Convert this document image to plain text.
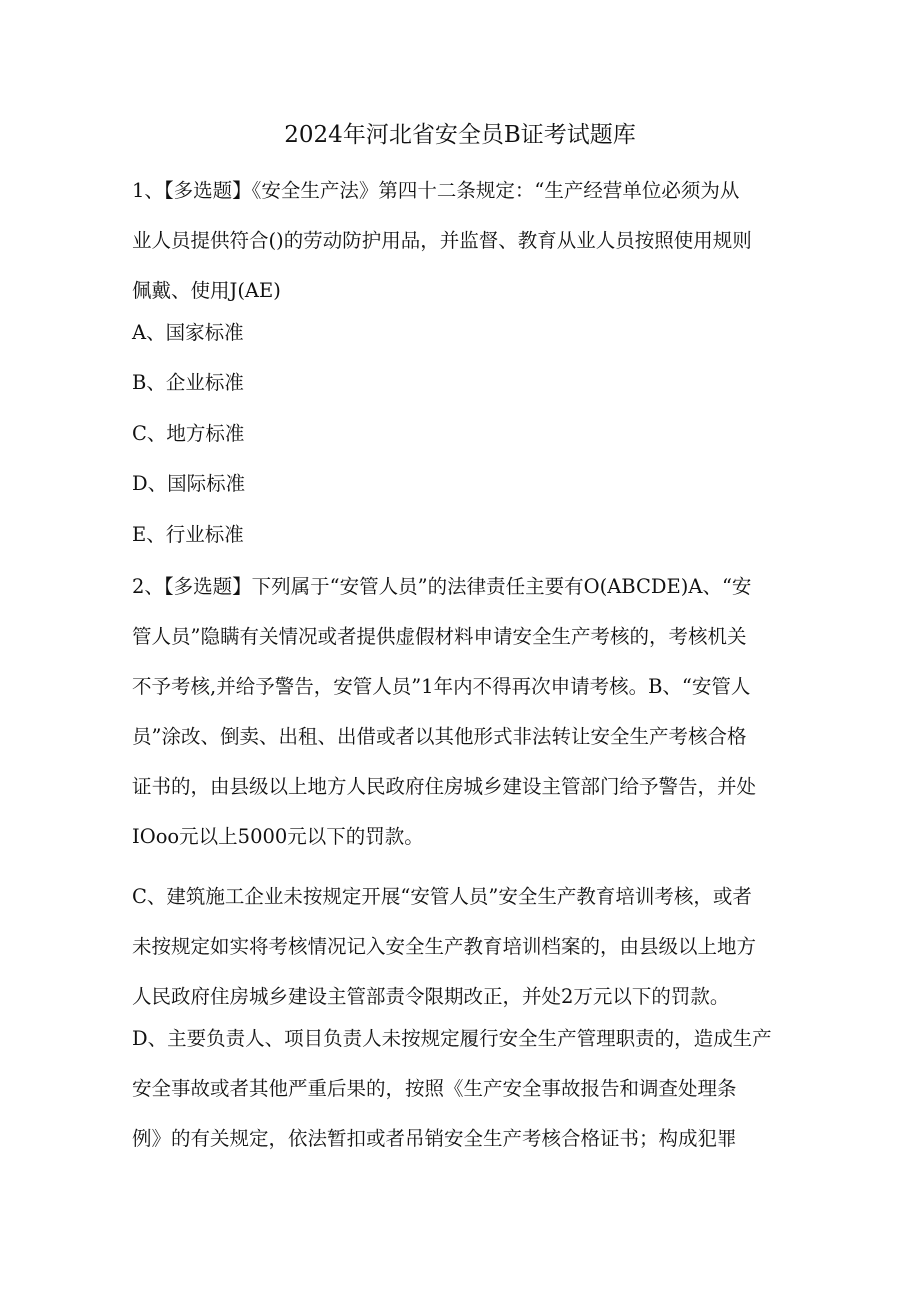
2024年河北省安全员B证考试题库
1、【多选题】《安全生产法》第四十二条规定：“生产经营单位必须为从
业人员提供符合()的劳动防护用品，并监督、教育从业人员按照使用规则
佩戴、使用J(AE)
A、国家标准
B、企业标准
C、地方标准
D、国际标准
E、行业标准
2、【多选题】下列属于“安管人员”的法律责任主要有O(ABCDE)A、“安
管人员”隐瞒有关情况或者提供虚假材料申请安全生产考核的，考核机关
不予考核,并给予警告，安管人员”1年内不得再次申请考核。B、“安管人
员”涂改、倒卖、出租、出借或者以其他形式非法转让安全生产考核合格
证书的，由县级以上地方人民政府住房城乡建设主管部门给予警告，并处
IOoo元以上5000元以下的罚款。
C、建筑施工企业未按规定开展“安管人员”安全生产教育培训考核，或者
未按规定如实将考核情况记入安全生产教育培训档案的，由县级以上地方
人民政府住房城乡建设主管部责令限期改正，并处2万元以下的罚款。
D、主要负责人、项目负责人未按规定履行安全生产管理职责的，造成生产
安全事故或者其他严重后果的，按照《生产安全事故报告和调查处理条
例》的有关规定，依法暂扣或者吊销安全生产考核合格证书；构成犯罪
